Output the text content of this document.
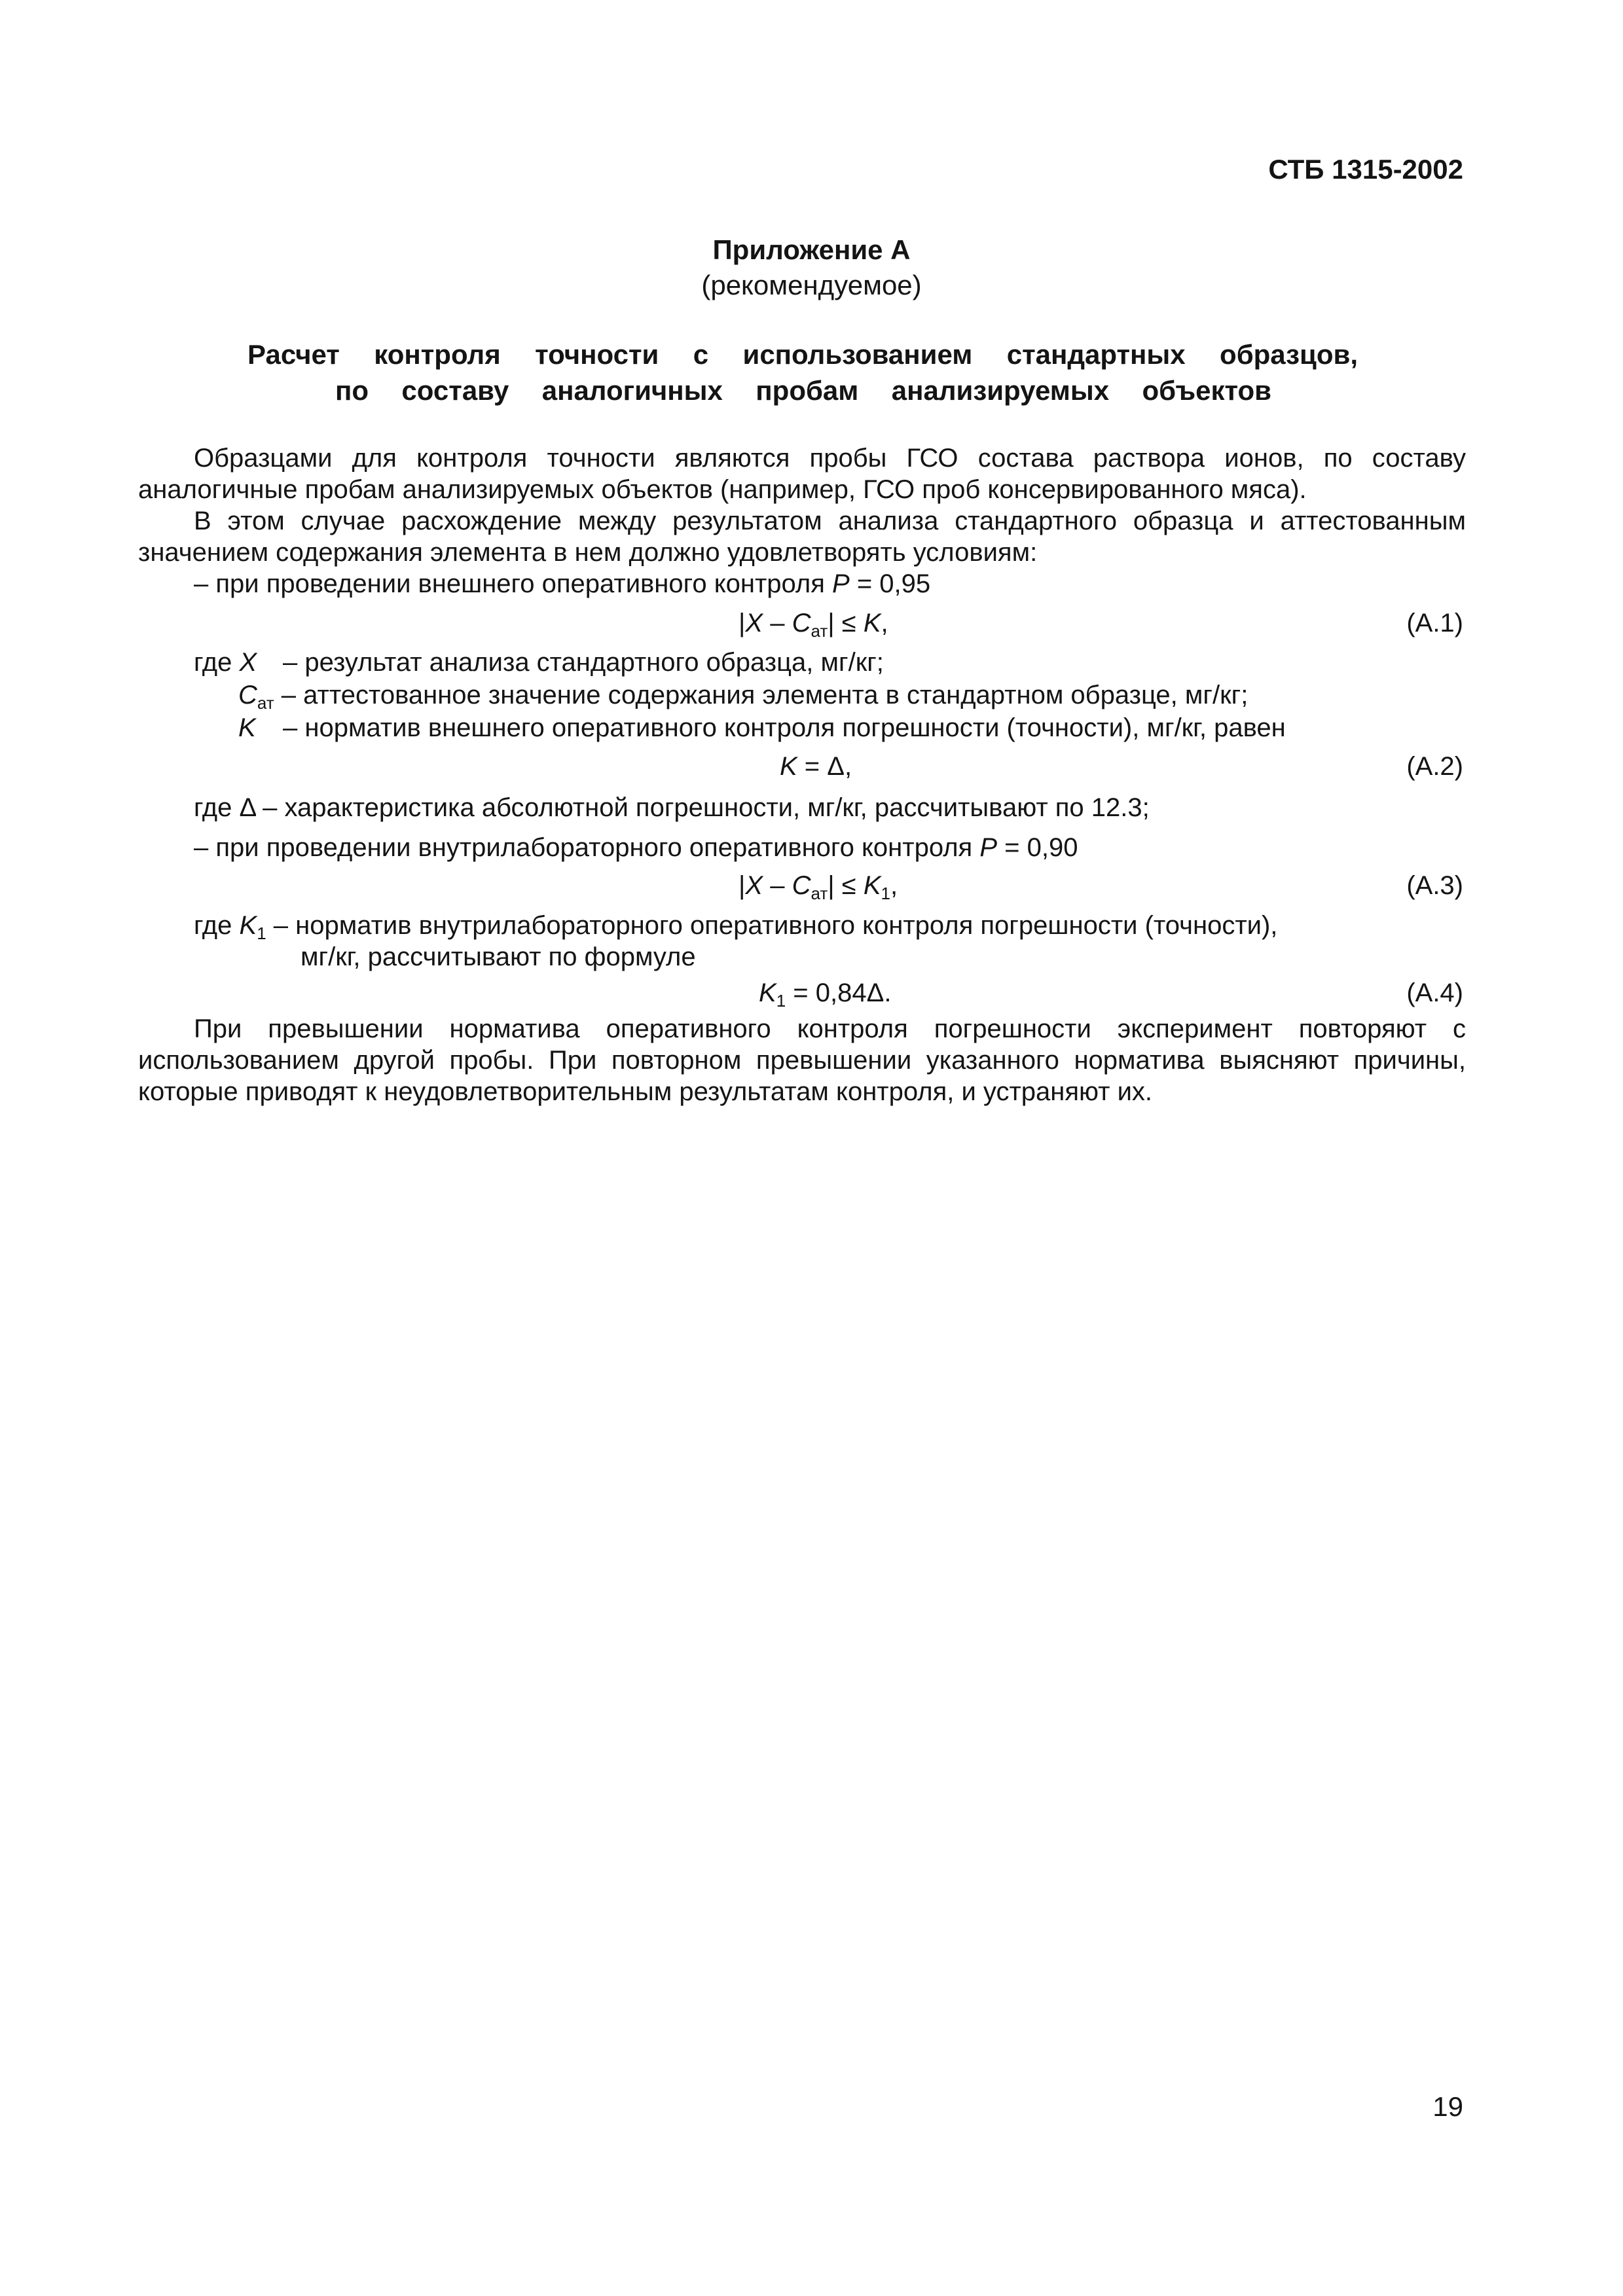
СТБ 1315-2002
Приложение А
(рекомендуемое)
Расчет контроля точности с использованием стандартных образцов,
по составу аналогичных пробам анализируемых объектов
Образцами для контроля точности являются пробы ГСО состава раствора ионов, по составу
аналогичные пробам анализируемых объектов (например, ГСО проб консервированного мяса).
В этом случае расхождение между результатом анализа стандартного образца и аттестованным
значением содержания элемента в нем должно удовлетворять условиям:
– при проведении внешнего оперативного контроля P = 0,95
$|X - C_{ат}| \le K$,	(А.1)
где X – результат анализа стандартного образца, мг/кг;
$C_{ат}$ – аттестованное значение содержания элемента в стандартном образце, мг/кг;
K – норматив внешнего оперативного контроля погрешности (точности), мг/кг, равен
K = Δ,	(А.2)
где Δ – характеристика абсолютной погрешности, мг/кг, рассчитывают по 12.3;
– при проведении внутрилабораторного оперативного контроля P = 0,90
$|X - C_{ат}| \le K_1$,	(А.3)
где $K_1$ – норматив внутрилабораторного оперативного контроля погрешности (точности),
мг/кг, рассчитывают по формуле
$K_1 = 0,84\Delta$.	(А.4)
При превышении норматива оперативного контроля погрешности эксперимент повторяют с
использованием другой пробы. При повторном превышении указанного норматива выясняют причины,
которые приводят к неудовлетворительным результатам контроля, и устраняют их.
19
